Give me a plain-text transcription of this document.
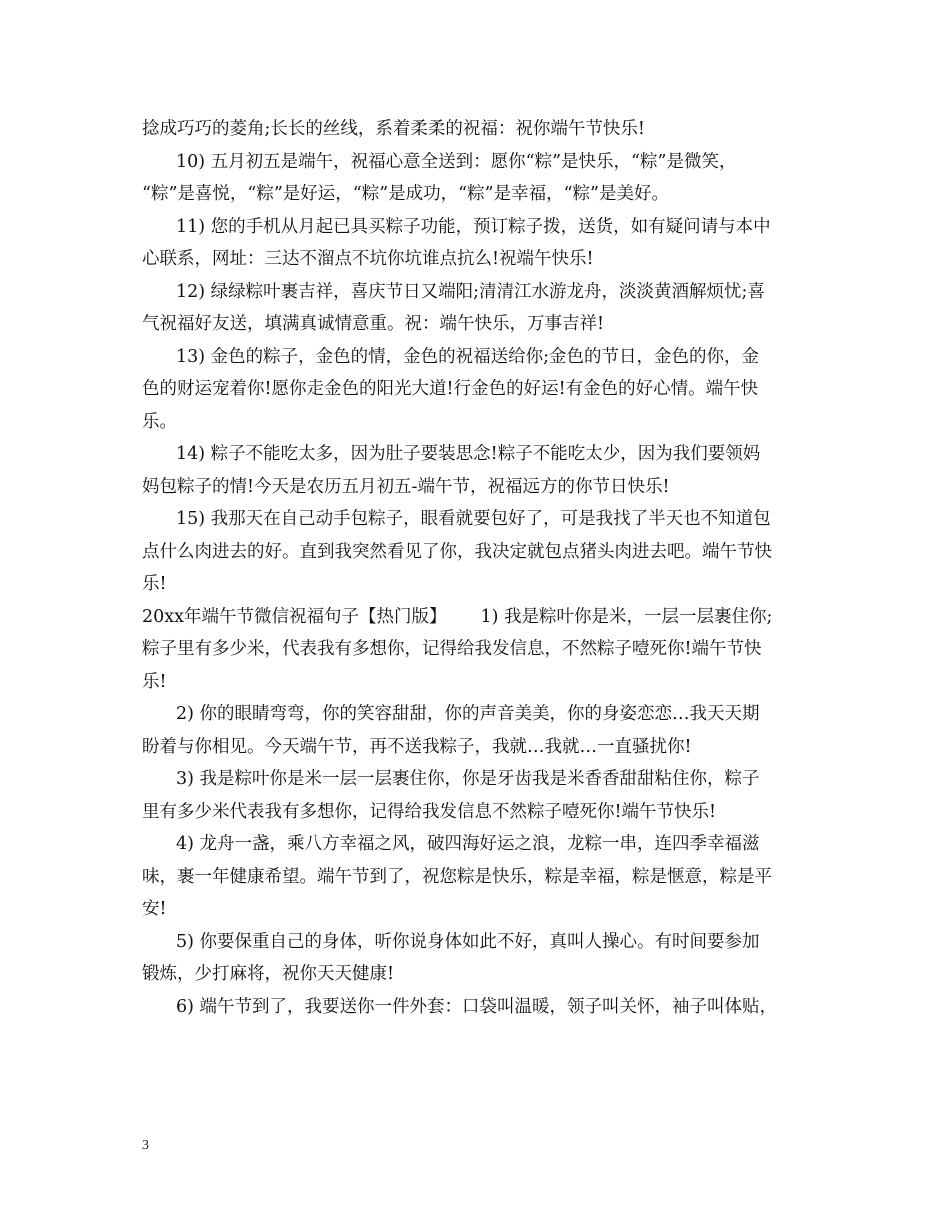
捻成巧巧的菱角;长长的丝线，系着柔柔的祝福：祝你端午节快乐!
10) 五月初五是端午，祝福心意全送到：愿你“粽”是快乐，“粽”是微笑，
“粽”是喜悦，“粽”是好运，“粽”是成功，“粽”是幸福，“粽”是美好。
11) 您的手机从月起已具买粽子功能，预订粽子拨，送货，如有疑问请与本中
心联系，网址：三达不溜点不坑你坑谁点抗么!祝端午快乐!
12) 绿绿粽叶裹吉祥，喜庆节日又端阳;清清江水游龙舟，淡淡黄酒解烦忧;喜
气祝福好友送，填满真诚情意重。祝：端午快乐，万事吉祥!
13) 金色的粽子，金色的情，金色的祝福送给你;金色的节日，金色的你，金
色的财运宠着你!愿你走金色的阳光大道!行金色的好运!有金色的好心情。端午快
乐。
14) 粽子不能吃太多，因为肚子要装思念!粽子不能吃太少，因为我们要领妈
妈包粽子的情!今天是农历五月初五-端午节，祝福远方的你节日快乐!
15) 我那天在自己动手包粽子，眼看就要包好了，可是我找了半天也不知道包
点什么肉进去的好。直到我突然看见了你，我决定就包点猪头肉进去吧。端午节快
乐!
20xx年端午节微信祝福句子【热门版】 1) 我是粽叶你是米，一层一层裹住你;
粽子里有多少米，代表我有多想你，记得给我发信息，不然粽子噎死你!端午节快
乐!
2) 你的眼睛弯弯，你的笑容甜甜，你的声音美美，你的身姿恋恋…我天天期
盼着与你相见。今天端午节，再不送我粽子，我就…我就…一直骚扰你!
3) 我是粽叶你是米一层一层裹住你，你是牙齿我是米香香甜甜粘住你，粽子
里有多少米代表我有多想你，记得给我发信息不然粽子噎死你!端午节快乐!
4) 龙舟一盏，乘八方幸福之风，破四海好运之浪，龙粽一串，连四季幸福滋
味，裹一年健康希望。端午节到了，祝您粽是快乐，粽是幸福，粽是惬意，粽是平
安!
5) 你要保重自己的身体，听你说身体如此不好，真叫人操心。有时间要参加
锻炼，少打麻将，祝你天天健康!
6) 端午节到了，我要送你一件外套：口袋叫温暖，领子叫关怀，袖子叫体贴，
3
